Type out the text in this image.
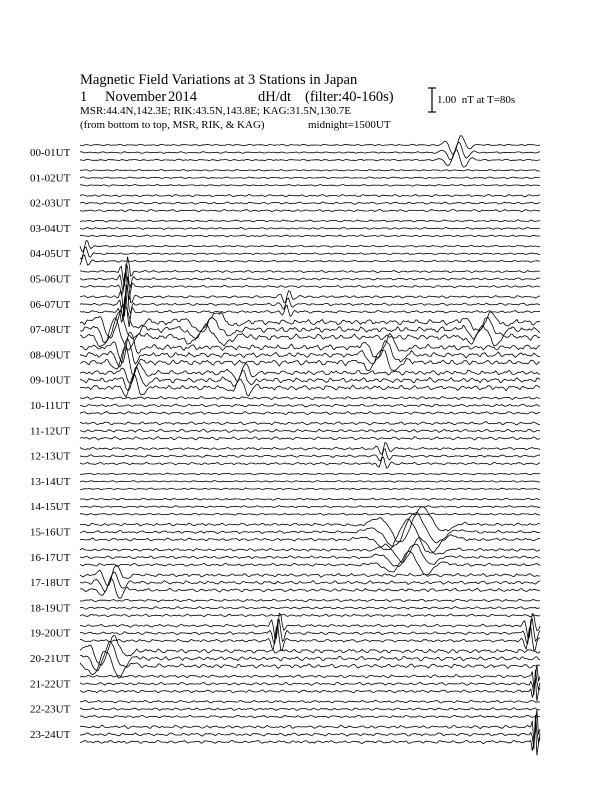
Magnetic Field Variations at 3 Stations in Japan
1 November 2014	dH/dt (filter:40-160s)
MSR:44.4N,142.3E; RIK:43.5N,143.8E; KAG:31.5N,130.7E
(from bottom to top, MSR, RIK, & KAG)	midnight=1500UT
1.00  nT at T=80s
00-01UT
01-02UT
02-03UT
03-04UT
04-05UT
05-06UT
06-07UT
07-08UT
08-09UT
09-10UT
10-11UT
11-12UT
12-13UT
13-14UT
14-15UT
15-16UT
16-17UT
17-18UT
18-19UT
19-20UT
20-21UT
21-22UT
22-23UT
23-24UT
